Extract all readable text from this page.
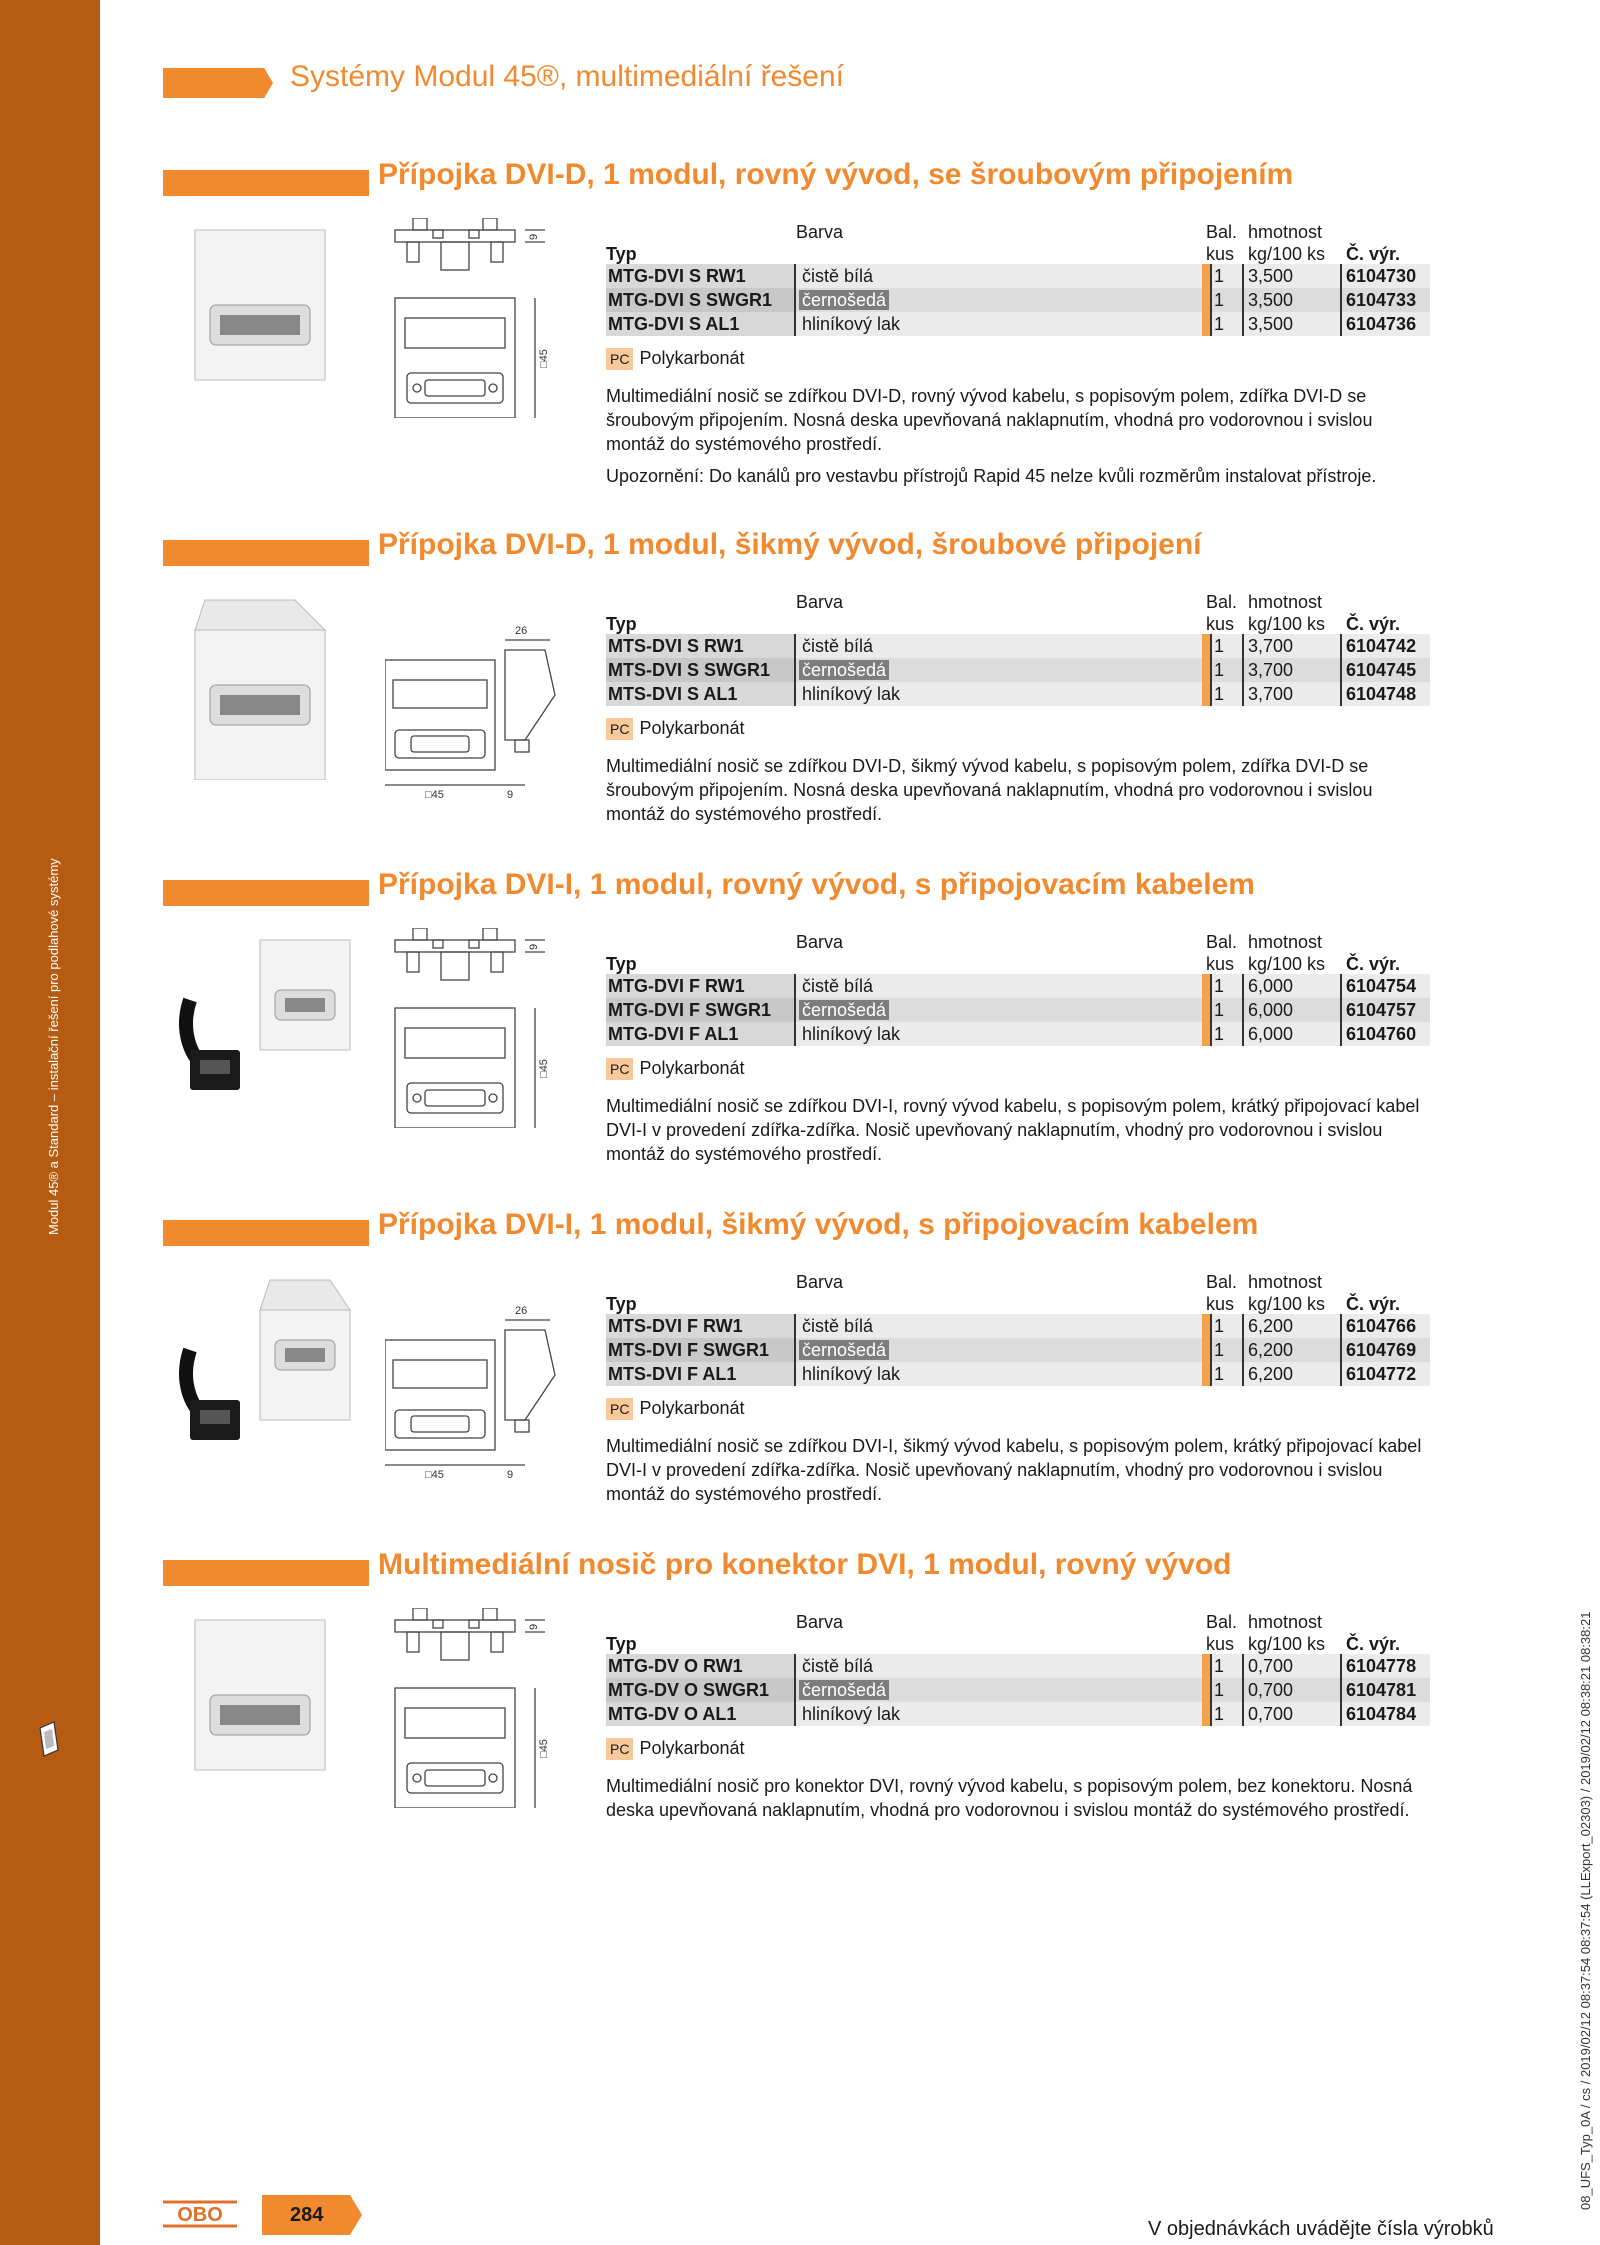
Modul 45® a Standard – instalační řešení pro podlahové systémy
Systémy Modul 45®, multimediální řešení
Přípojka DVI-D, 1 modul, rovný vývod, se šroubovým připojením
9
□45
Barva
Typ
Bal. hmotnost
kus kg/100 ks Č. výr.
MTG-DVI S RW1	čistě bílá	1	3,500	6104730
MTG-DVI S SWGR1	černošedá	1	3,500	6104733
MTG-DVI S AL1	hliníkový lak	1	3,500	6104736
PC Polykarbonát
Multimediální nosič se zdířkou DVI-D, rovný vývod kabelu, s popisovým polem, zdířka DVI-D se šroubovým připojením. Nosná deska upevňovaná naklapnutím, vhodná pro vodorovnou i svislou montáž do systémového prostředí.
Upozornění: Do kanálů pro vestavbu přístrojů Rapid 45 nelze kvůli rozměrům instalovat přístroje.
Přípojka DVI-D, 1 modul, šikmý vývod, šroubové připojení
26
□45	9
Barva
Typ
Bal. hmotnost
kus kg/100 ks Č. výr.
MTS-DVI S RW1	čistě bílá	1	3,700	6104742
MTS-DVI S SWGR1	černošedá	1	3,700	6104745
MTS-DVI S AL1	hliníkový lak	1	3,700	6104748
PC Polykarbonát
Multimediální nosič se zdířkou DVI-D, šikmý vývod kabelu, s popisovým polem, zdířka DVI-D se šroubovým připojením. Nosná deska upevňovaná naklapnutím, vhodná pro vodorovnou i svislou montáž do systémového prostředí.
Přípojka DVI-I, 1 modul, rovný vývod, s připojovacím kabelem
9
□45
Barva
Typ
Bal. hmotnost
kus kg/100 ks Č. výr.
MTG-DVI F RW1	čistě bílá	1	6,000	6104754
MTG-DVI F SWGR1	černošedá	1	6,000	6104757
MTG-DVI F AL1	hliníkový lak	1	6,000	6104760
PC Polykarbonát
Multimediální nosič se zdířkou DVI-I, rovný vývod kabelu, s popisovým polem, krátký připojovací kabel DVI-I v provedení zdířka-zdířka. Nosič upevňovaný naklapnutím, vhodný pro vodorovnou i svislou montáž do systémového prostředí.
Přípojka DVI-I, 1 modul, šikmý vývod, s připojovacím kabelem
26
□45	9
Barva
Typ
Bal. hmotnost
kus kg/100 ks Č. výr.
MTS-DVI F RW1	čistě bílá	1	6,200	6104766
MTS-DVI F SWGR1	černošedá	1	6,200	6104769
MTS-DVI F AL1	hliníkový lak	1	6,200	6104772
PC Polykarbonát
Multimediální nosič se zdířkou DVI-I, šikmý vývod kabelu, s popisovým polem, krátký připojovací kabel DVI-I v provedení zdířka-zdířka. Nosič upevňovaný naklapnutím, vhodný pro vodorovnou i svislou montáž do systémového prostředí.
Multimediální nosič pro konektor DVI, 1 modul, rovný vývod
9
□45
Barva
Typ
Bal. hmotnost
kus kg/100 ks Č. výr.
MTG-DV O RW1	čistě bílá	1	0,700	6104778
MTG-DV O SWGR1	černošedá	1	0,700	6104781
MTG-DV O AL1	hliníkový lak	1	0,700	6104784
PC Polykarbonát
Multimediální nosič pro konektor DVI, rovný vývod kabelu, s popisovým polem, bez konektoru. Nosná deska upevňovaná naklapnutím, vhodná pro vodorovnou i svislou montáž do systémového prostředí.	08_UFS_Typ_0A / cs / 2019/02/12 08:37:54 08:37:54 (LLExport_02303) / 2019/02/12 08:38:21 08:38:21
OBO	284
V objednávkách uvádějte čísla výrobků
